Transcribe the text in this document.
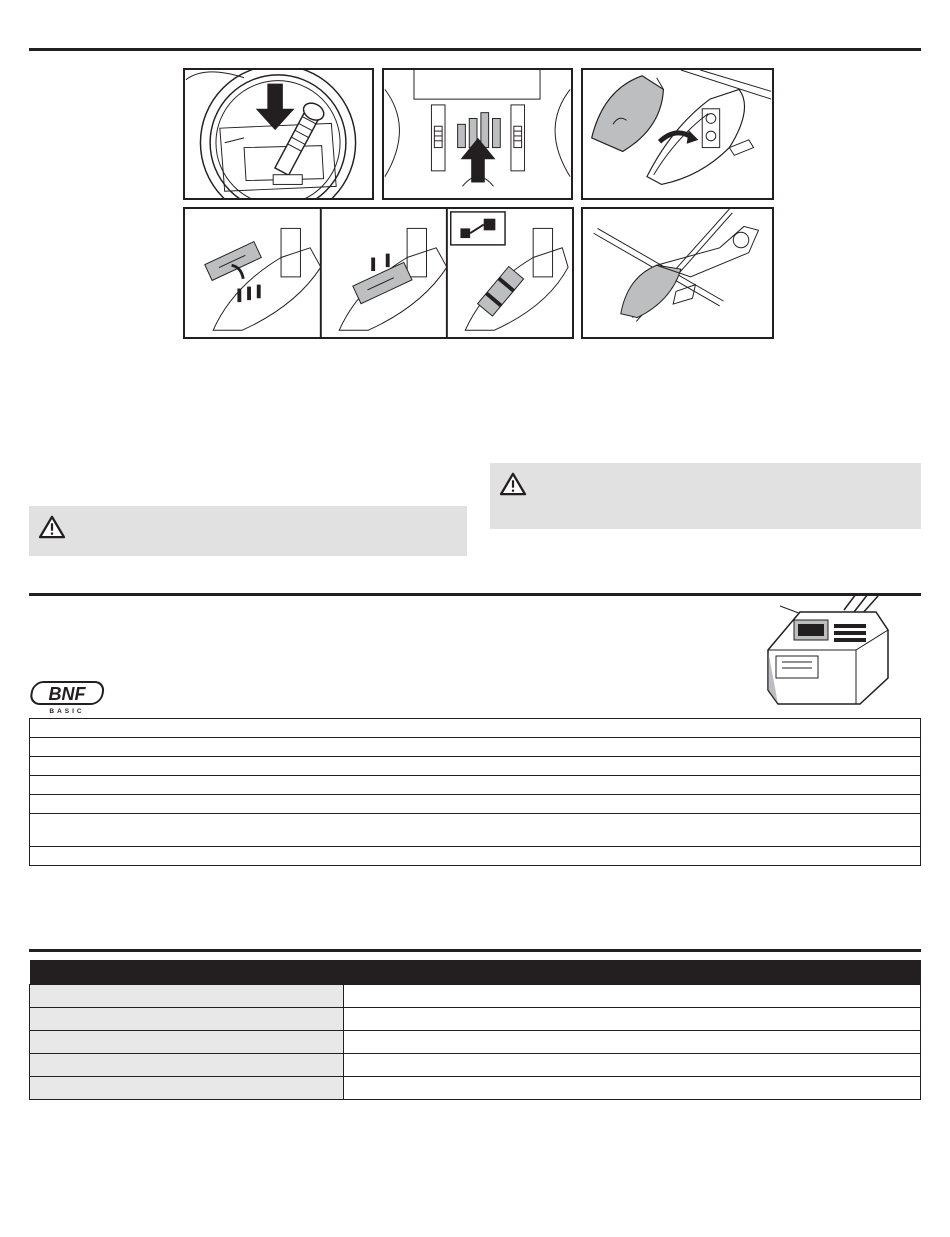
BNF
BASIC
